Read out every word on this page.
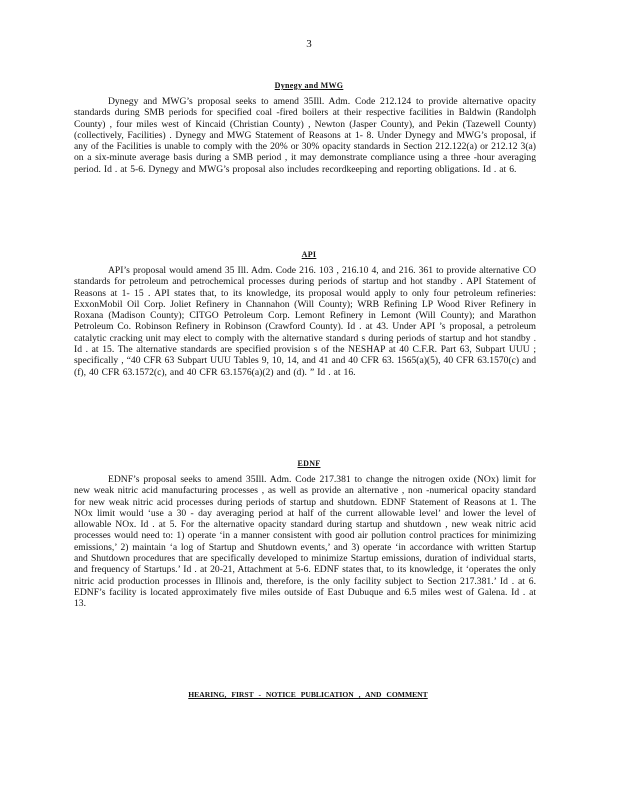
3
Dynegy and MWG

Dynegy and MWG’s proposal seeks to amend 35Ill. Adm. Code 212.124 to provide alternative opacity standards during SMB periods for specified coal -fired boilers at their respective facilities in Baldwin (Randolph County) , four miles west of Kincaid (Christian County) , Newton (Jasper County), and Pekin (Tazewell County) (collectively, Facilities) . Dynegy and MWG Statement of Reasons at 1- 8. Under Dynegy and MWG’s proposal, if any of the Facilities is unable to comply with the 20% or 30% opacity standards in Section 212.122(a) or 212.12 3(a) on a six-minute average basis during a SMB period , it may demonstrate compliance using a three -hour averaging period. Id . at 5-6. Dynegy and MWG’s proposal also includes recordkeeping and reporting obligations. Id . at 6.

API

API’s proposal would amend 35 Ill. Adm. Code 216. 103 , 216.10 4, and 216. 361 to provide alternative CO standards for petroleum and petrochemical processes during periods of startup and hot standby . API Statement of Reasons at 1- 15 . API states that, to its knowledge, its proposal would apply to only four petroleum refineries: ExxonMobil Oil Corp. Joliet Refinery in Channahon (Will County); WRB Refining LP Wood River Refinery in Roxana (Madison County); CITGO Petroleum Corp. Lemont Refinery in Lemont (Will County); and Marathon Petroleum Co. Robinson Refinery in Robinson (Crawford County). Id . at 43. Under API ’s proposal, a petroleum catalytic cracking unit may elect to comply with the alternative standard s during periods of startup and hot standby . Id . at 15. The alternative standards are specified provision s of the NESHAP at 40 C.F.R. Part 63, Subpart UUU ; specifically , “40 CFR 63 Subpart UUU Tables 9, 10, 14, and 41 and 40 CFR 63. 1565(a)(5), 40 CFR 63.1570(c) and (f), 40 CFR 63.1572(c), and 40 CFR 63.1576(a)(2) and (d). ” Id . at 16.

EDNF

EDNF’s proposal seeks to amend 35Ill. Adm. Code 217.381 to change the nitrogen oxide (NOx) limit for new weak nitric acid manufacturing processes , as well as provide an alternative , non -numerical opacity standard for new weak nitric acid processes during periods of startup and shutdown. EDNF Statement of Reasons at 1. The NOx limit would ‘use a 30 - day averaging period at half of the current allowable level’ and lower the level of allowable NOx. Id . at 5. For the alternative opacity standard during startup and shutdown , new weak nitric acid processes would need to: 1) operate ‘in a manner consistent with good air pollution control practices for minimizing emissions,’ 2) maintain ‘a log of Startup and Shutdown events,’ and 3) operate ‘in accordance with written Startup and Shutdown procedures that are specifically developed to minimize Startup emissions, duration of individual starts, and frequency of Startups.’ Id . at 20-21, Attachment at 5-6. EDNF states that, to its knowledge, it ‘operates the only nitric acid production processes in Illinois and, therefore, is the only facility subject to Section 217.381.’ Id . at 6. EDNF’s facility is located approximately five miles outside of East Dubuque and 6.5 miles west of Galena. Id . at 13.

HEARING, FIRST - NOTICE PUBLICATION , AND COMMENT
